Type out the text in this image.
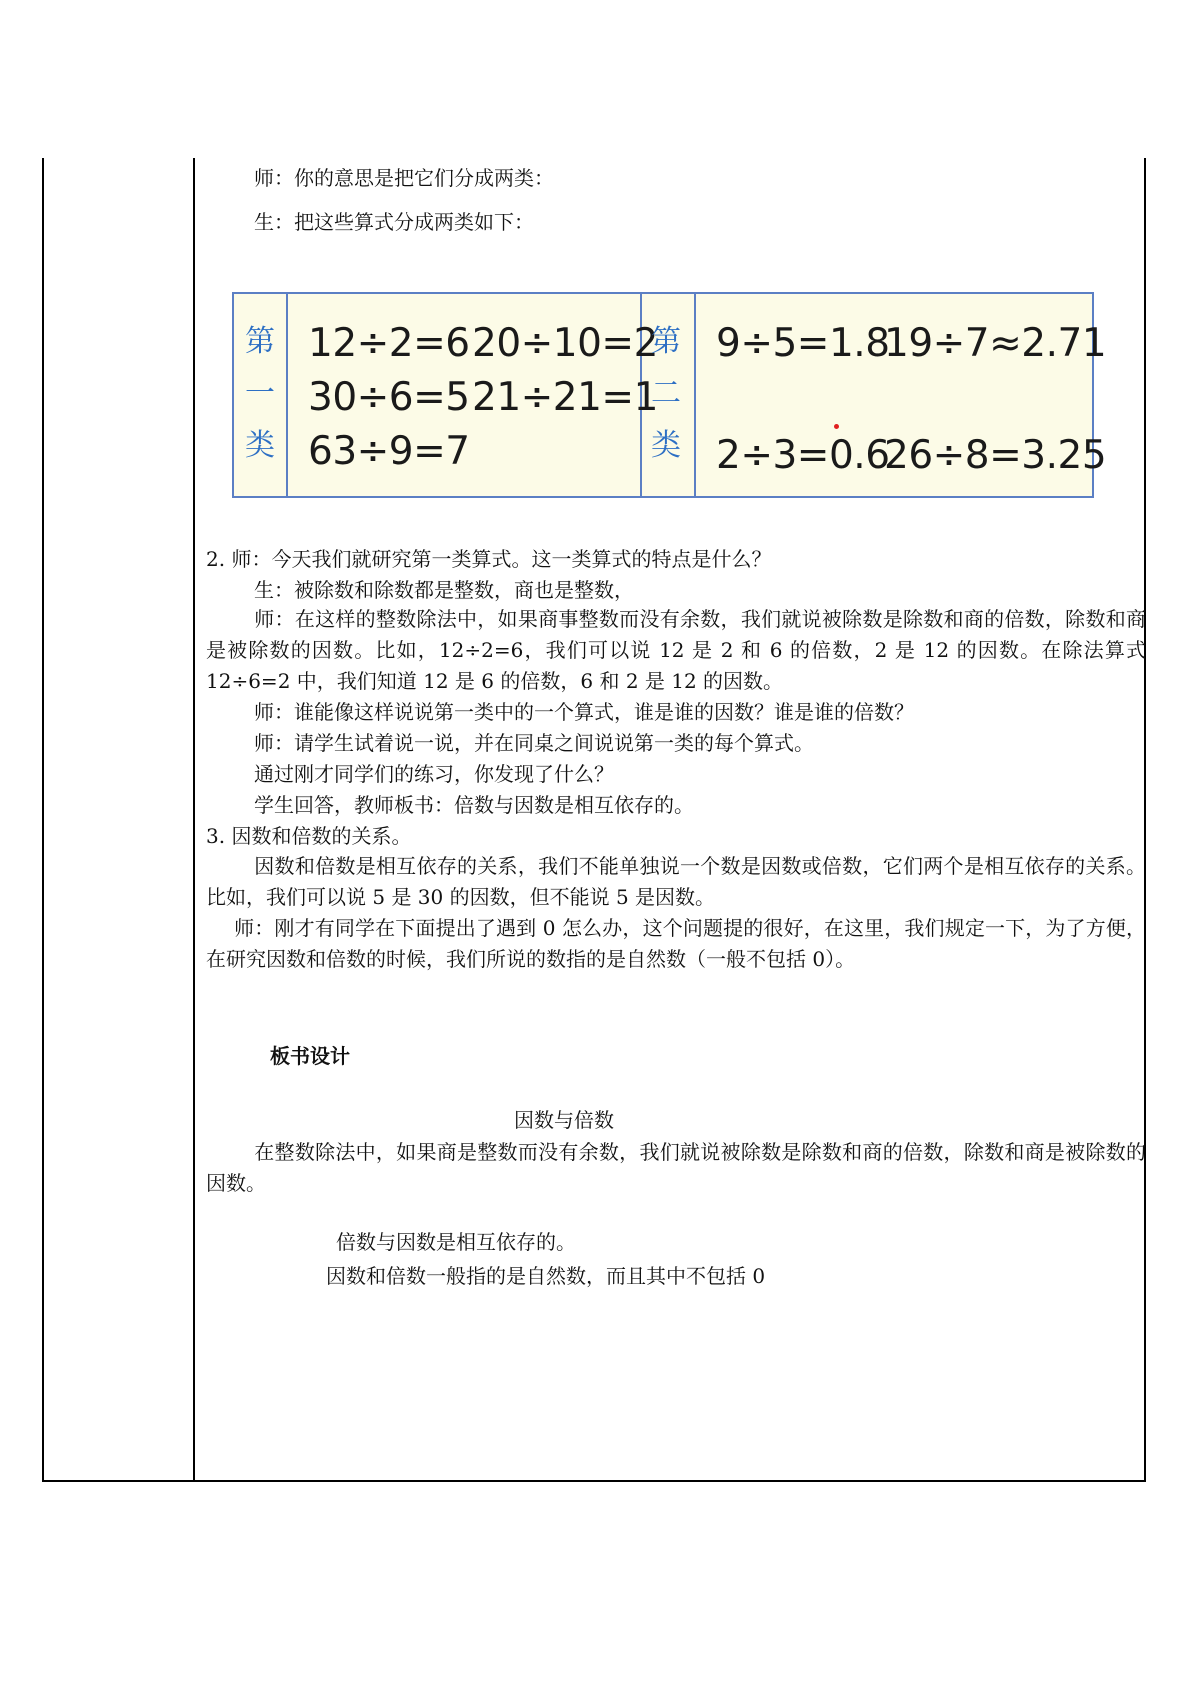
师：你的意思是把它们分成两类：
生：把这些算式分成两类如下：
第
一
类
12÷2=6 20÷10=2
30÷6=5 21÷21=1
63÷9=7
第
二
类
9÷5=1.8
19÷7≈2.71
2÷3=0.6
26÷8=3.25
2. 师：今天我们就研究第一类算式。这一类算式的特点是什么？
生：被除数和除数都是整数，商也是整数，
师：在这样的整数除法中，如果商事整数而没有余数，我们就说被除数是除数和商的倍数，除数和商是被除数的因数。比如，12÷2=6，我们可以说 12 是 2 和 6 的倍数，2 是 12 的因数。在除法算式 12÷6=2 中，我们知道 12 是 6 的倍数，6 和 2 是 12 的因数。
师：谁能像这样说说第一类中的一个算式，谁是谁的因数？谁是谁的倍数？
师：请学生试着说一说，并在同桌之间说说第一类的每个算式。
通过刚才同学们的练习，你发现了什么？
学生回答，教师板书：倍数与因数是相互依存的。
3. 因数和倍数的关系。
因数和倍数是相互依存的关系，我们不能单独说一个数是因数或倍数，它们两个是相互依存的关系。比如，我们可以说 5 是 30 的因数，但不能说 5 是因数。
师：刚才有同学在下面提出了遇到 0 怎么办，这个问题提的很好，在这里，我们规定一下，为了方便，在研究因数和倍数的时候，我们所说的数指的是自然数（一般不包括 0）。
板书设计
因数与倍数
在整数除法中，如果商是整数而没有余数，我们就说被除数是除数和商的倍数，除数和商是被除数的因数。
倍数与因数是相互依存的。
因数和倍数一般指的是自然数，而且其中不包括 0
